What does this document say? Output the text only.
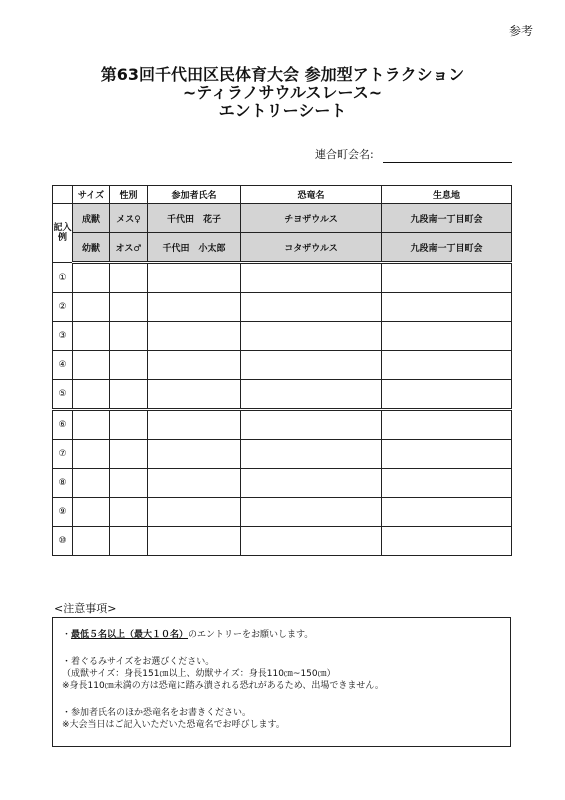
参考
第63回千代田区民体育大会 参加型アトラクション
~ティラノサウルスレース~
エントリーシート
連合町会名:
	サイズ	性別	参加者氏名	恐竜名	生息地
記入例	成獣	メス♀	千代田　花子	チヨザウルス	九段南一丁目町会
	幼獣	オス♂	千代田　小太郎	コタザウルス	九段南一丁目町会
①					
②					
③					
④					
⑤					
⑥					
⑦					
⑧					
⑨					
⑩					
<注意事項>
・最低５名以上（最大１０名）のエントリーをお願いします。
・着ぐるみサイズをお選びください。
（成獣サイズ：身長151㎝以上、幼獣サイズ：身長110㎝~150㎝）
※身長110㎝未満の方は恐竜に踏み潰される恐れがあるため、出場できません。
・参加者氏名のほか恐竜名をお書きください。
※大会当日はご記入いただいた恐竜名でお呼びします。
